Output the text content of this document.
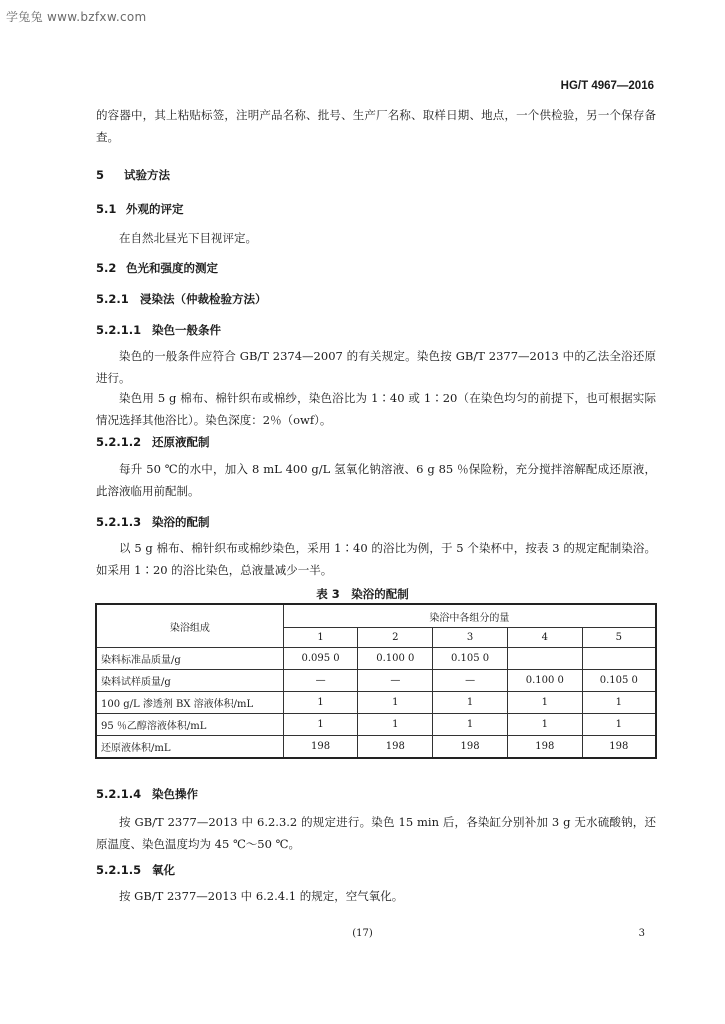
学兔兔 www.bzfxw.com
HG/T 4967—2016
的容器中，其上粘贴标签，注明产品名称、批号、生产厂名称、取样日期、地点，一个供检验，另一个保存备查。
5 试验方法
5.1 外观的评定
在自然北昼光下目视评定。
5.2 色光和强度的测定
5.2.1 浸染法（仲裁检验方法）
5.2.1.1 染色一般条件
染色的一般条件应符合 GB/T 2374—2007 的有关规定。染色按 GB/T 2377—2013 中的乙法全浴还原进行。
染色用 5 g 棉布、棉针织布或棉纱，染色浴比为 1∶40 或 1∶20（在染色均匀的前提下，也可根据实际情况选择其他浴比）。染色深度：2％（owf）。
5.2.1.2 还原液配制
每升 50 ℃的水中，加入 8 mL 400 g/L 氢氧化钠溶液、6 g 85 ％保险粉，充分搅拌溶解配成还原液，此溶液临用前配制。
5.2.1.3 染浴的配制
以 5 g 棉布、棉针织布或棉纱染色，采用 1∶40 的浴比为例，于 5 个染杯中，按表 3 的规定配制染浴。如采用 1∶20 的浴比染色，总液量减少一半。
表 3　染浴的配制
染浴组成	染浴中各组分的量				
	1	2	3	4	5
染料标准品质量/g	0.095 0	0.100 0	0.105 0		
染料试样质量/g	—	—	—	0.100 0	0.105 0
100 g/L 渗透剂 BX 溶液体积/mL	1	1	1	1	1
95 ％乙醇溶液体积/mL	1	1	1	1	1
还原液体积/mL	198	198	198	198	198
5.2.1.4 染色操作
按 GB/T 2377—2013 中 6.2.3.2 的规定进行。染色 15 min 后，各染缸分别补加 3 g 无水硫酸钠，还原温度、染色温度均为 45 ℃～50 ℃。
5.2.1.5 氧化
按 GB/T 2377—2013 中 6.2.4.1 的规定，空气氧化。
(17)	3
